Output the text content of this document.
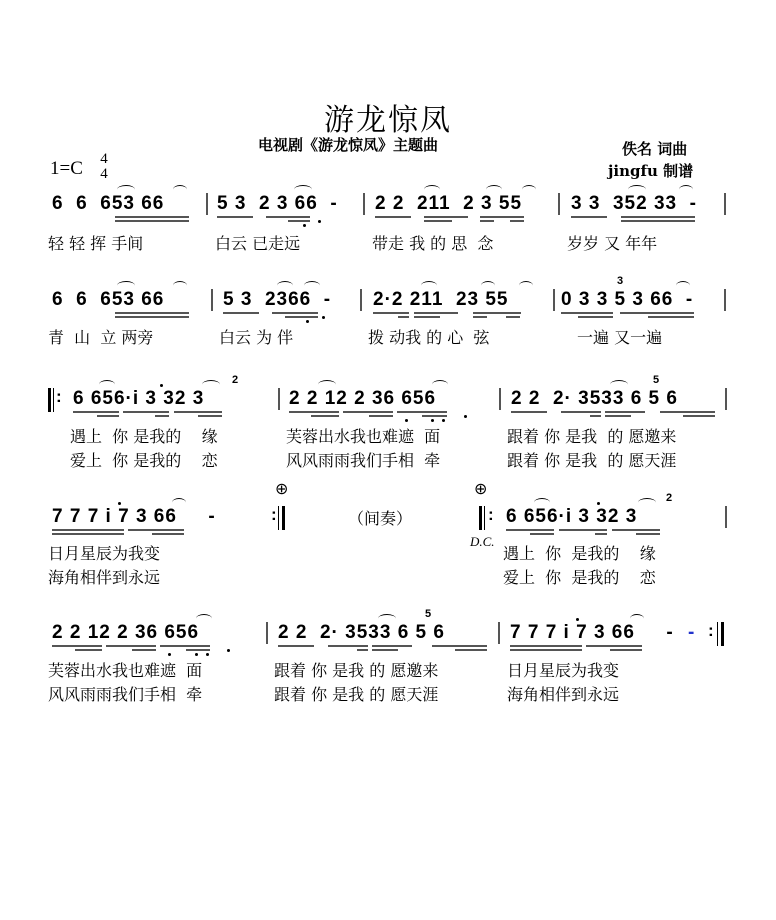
游龙惊凤
电视剧《游龙惊凤》主题曲	佚名 词曲
jingfu 制谱
1=C 4
4
6  6  653 66	5 3  2 3 66  - 2 2  211  2 3 55	3 3  352 33  -
轻 轻 挥 手间	白云 已走远	带走 我 的 思  念	岁岁 又 年年
6  6  653 66	5 3  2366  - 2·2 211  23 55
3
0 3 3 5 3 66  -
青  山  立 两旁	白云 为 伴	拨 动我 的 心  弦	一遍 又一遍
: 6 656·i 3 32 3
2
2 2 12 2 36 656	2 2  2· 3533 6 5 6
5
遇上  你 是我的    缘	芙蓉出水我也难遮  面	跟着 你 是我  的 愿邀来
爱上  你 是我的    恋	风风雨雨我们手相  牵	跟着 你 是我  的 愿天涯
⊕	⊕
7 7 7 i 7 3 66     -	:	（间奏）	: 6 656·i 3 32 3
2
D.C.
日月星辰为我变	遇上  你  是我的    缘
海角相伴到永远	爱上  你  是我的    恋
2 2 12 2 36 656	2 2  2· 3533 6 5 6
5
7 7 7 i 7 3 66     - :
-
芙蓉出水我也难遮  面	跟着 你 是我 的 愿邀来	日月星辰为我变
风风雨雨我们手相  牵	跟着 你 是我 的 愿天涯	海角相伴到永远
